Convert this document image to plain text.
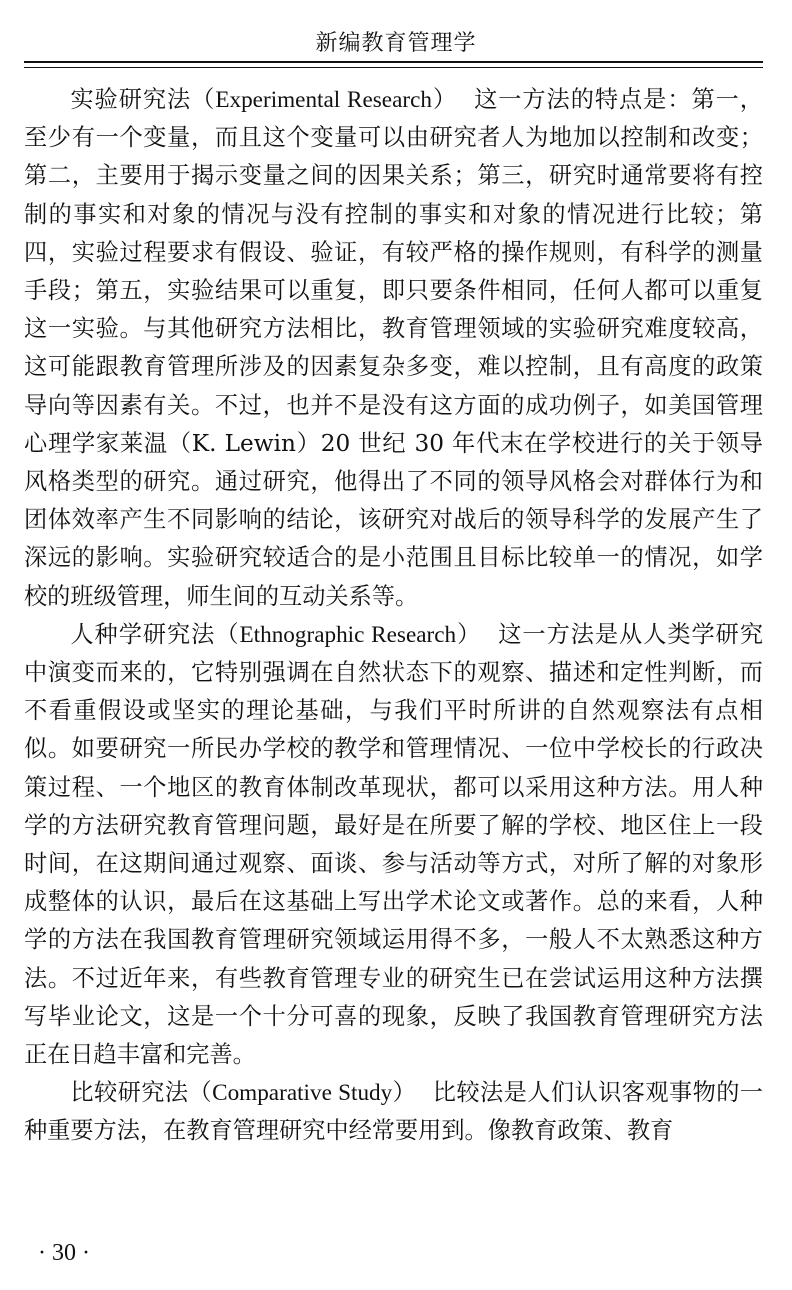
新编教育管理学

实验研究法（Experimental Research） 这一方法的特点是：第一，至少有一个变量，而且这个变量可以由研究者人为地加以控制和改变；第二，主要用于揭示变量之间的因果关系；第三，研究时通常要将有控制的事实和对象的情况与没有控制的事实和对象的情况进行比较；第四，实验过程要求有假设、验证，有较严格的操作规则，有科学的测量手段；第五，实验结果可以重复，即只要条件相同，任何人都可以重复这一实验。与其他研究方法相比，教育管理领域的实验研究难度较高，这可能跟教育管理所涉及的因素复杂多变，难以控制，且有高度的政策导向等因素有关。不过，也并不是没有这方面的成功例子，如美国管理心理学家莱温（K. Lewin）20 世纪 30 年代末在学校进行的关于领导风格类型的研究。通过研究，他得出了不同的领导风格会对群体行为和团体效率产生不同影响的结论，该研究对战后的领导科学的发展产生了深远的影响。实验研究较适合的是小范围且目标比较单一的情况，如学校的班级管理，师生间的互动关系等。

人种学研究法（Ethnographic Research） 这一方法是从人类学研究中演变而来的，它特别强调在自然状态下的观察、描述和定性判断，而不看重假设或坚实的理论基础，与我们平时所讲的自然观察法有点相似。如要研究一所民办学校的教学和管理情况、一位中学校长的行政决策过程、一个地区的教育体制改革现状，都可以采用这种方法。用人种学的方法研究教育管理问题，最好是在所要了解的学校、地区住上一段时间，在这期间通过观察、面谈、参与活动等方式，对所了解的对象形成整体的认识，最后在这基础上写出学术论文或著作。总的来看，人种学的方法在我国教育管理研究领域运用得不多，一般人不太熟悉这种方法。不过近年来，有些教育管理专业的研究生已在尝试运用这种方法撰写毕业论文，这是一个十分可喜的现象，反映了我国教育管理研究方法正在日趋丰富和完善。

比较研究法（Comparative Study） 比较法是人们认识客观事物的一种重要方法，在教育管理研究中经常要用到。像教育政策、教育

· 30 ·
